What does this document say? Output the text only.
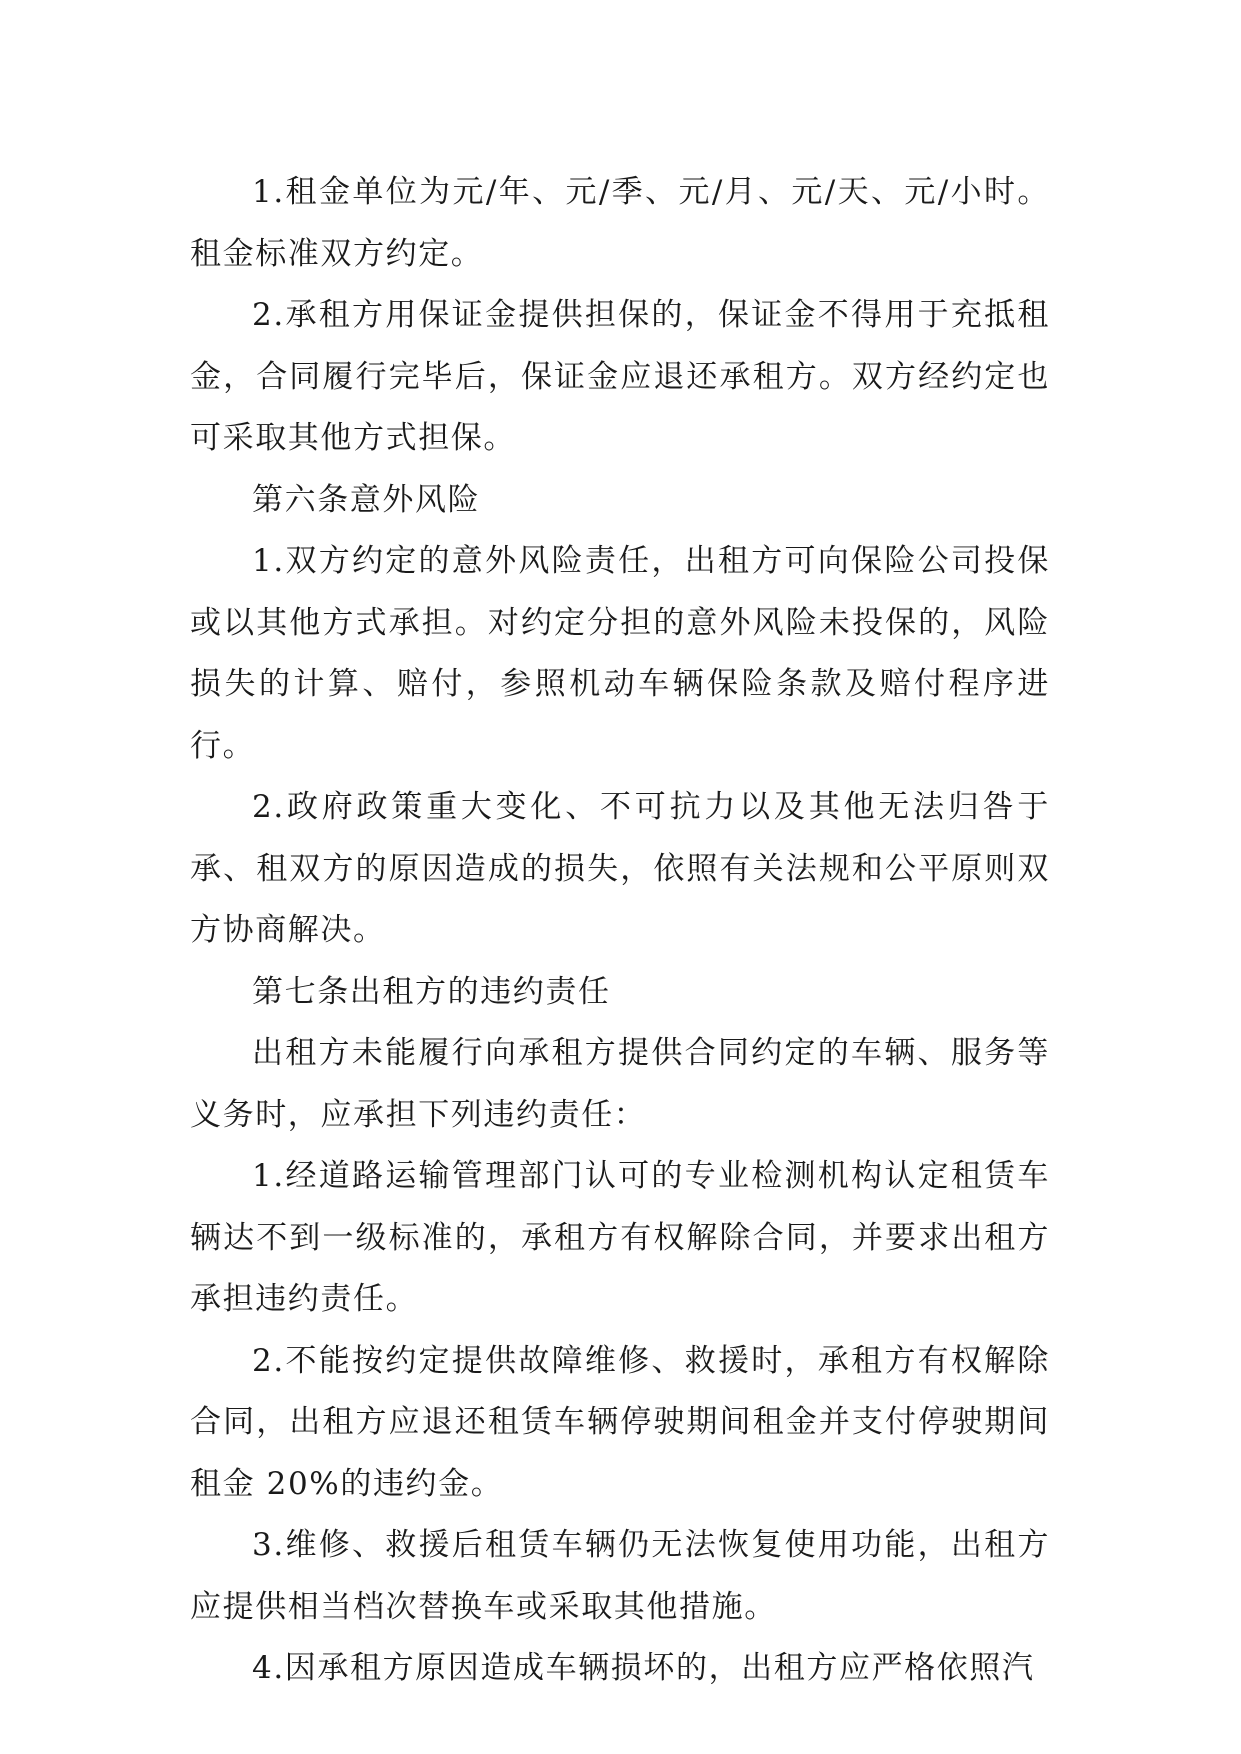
1.租金单位为元/年、元/季、元/月、元/天、元/小时。租金标准双方约定。

2.承租方用保证金提供担保的，保证金不得用于充抵租金，合同履行完毕后，保证金应退还承租方。双方经约定也可采取其他方式担保。

第六条意外风险

1.双方约定的意外风险责任，出租方可向保险公司投保或以其他方式承担。对约定分担的意外风险未投保的，风险损失的计算、赔付，参照机动车辆保险条款及赔付程序进行。

2.政府政策重大变化、不可抗力以及其他无法归咎于承、租双方的原因造成的损失，依照有关法规和公平原则双方协商解决。

第七条出租方的违约责任

出租方未能履行向承租方提供合同约定的车辆、服务等义务时，应承担下列违约责任：

1.经道路运输管理部门认可的专业检测机构认定租赁车辆达不到一级标准的，承租方有权解除合同，并要求出租方承担违约责任。

2.不能按约定提供故障维修、救援时，承租方有权解除合同，出租方应退还租赁车辆停驶期间租金并支付停驶期间租金 20%的违约金。

3.维修、救援后租赁车辆仍无法恢复使用功能，出租方应提供相当档次替换车或采取其他措施。

4.因承租方原因造成车辆损坏的，出租方应严格依照汽
